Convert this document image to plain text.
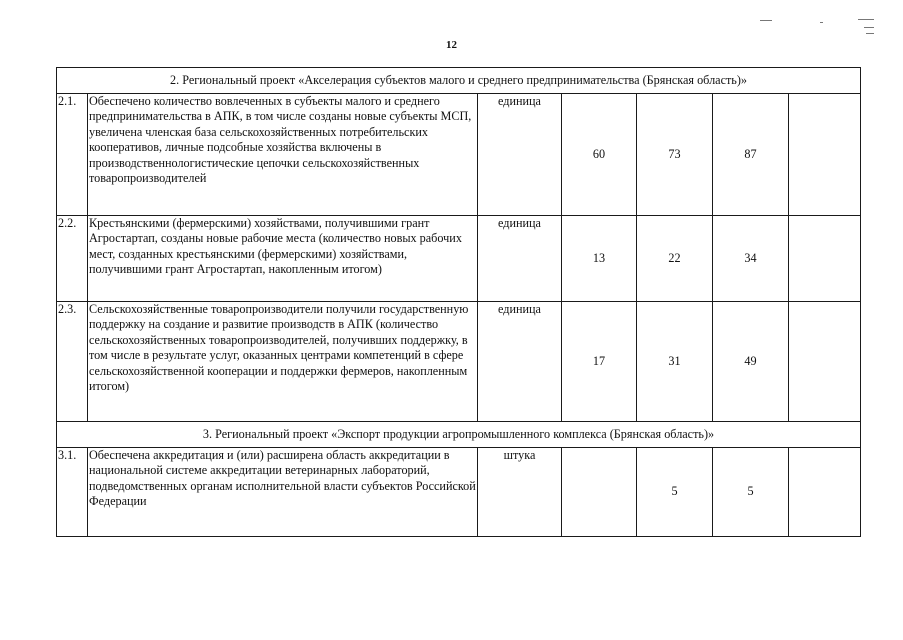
12
2. Региональный проект «Акселерация субъектов малого и среднего предпринимательства (Брянская область)»						
2.1.	Обеспечено количество вовлеченных в субъекты малого и среднего предпринимательства в АПК, в том числе созданы новые субъекты МСП, увеличена членская база сельскохозяйственных потребительских кооперативов, личные подсобные хозяйства включены в производственнологистические цепочки сельскохозяйственных товаропроизводителей	единица	60	73	87	
2.2.	Крестьянскими (фермерскими) хозяйствами, получившими грант Агростартап, созданы новые рабочие места (количество новых рабочих мест, созданных крестьянскими (фермерскими) хозяйствами, получившими грант Агростартап, накопленным итогом)	единица	13	22	34	
2.3.	Сельскохозяйственные товаропроизводители получили государственную поддержку на создание и развитие производств в АПК (количество сельскохозяйственных товаропроизводителей, получивших поддержку, в том числе в результате услуг, оказанных центрами компетенций в сфере сельскохозяйственной кооперации и поддержки фермеров, накопленным итогом)	единица	17	31	49	
3. Региональный проект «Экспорт продукции агропромышленного комплекса (Брянская область)»						
3.1.	Обеспечена аккредитация и (или) расширена область аккредитации в национальной системе аккредитации ветеринарных лабораторий, подведомственных органам исполнительной власти субъектов Российской Федерации	штука		5	5	
